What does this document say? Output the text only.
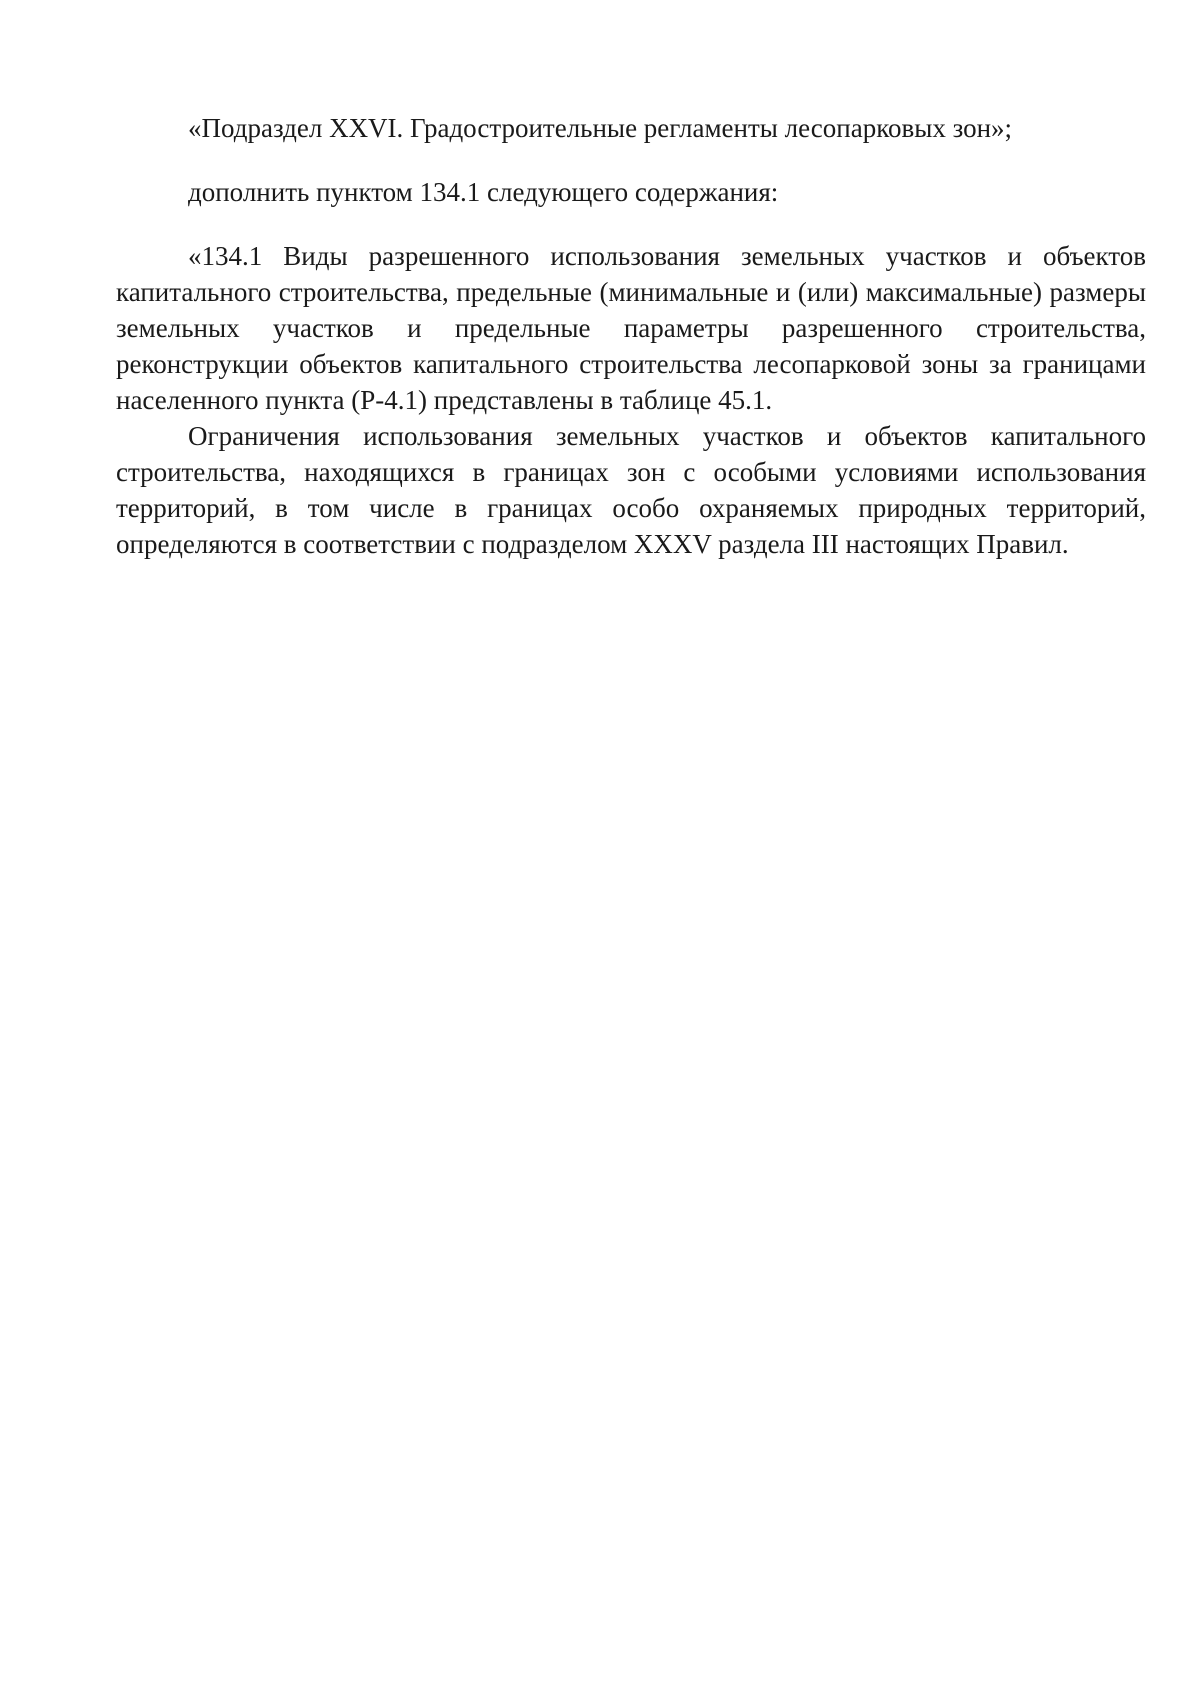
«Подраздел XXVI. Градостроительные регламенты лесопарковых зон»;

дополнить пунктом 134.1 следующего содержания:

«134.1 Виды разрешенного использования земельных участков и объектов капитального строительства, предельные (минимальные и (или) максимальные) размеры земельных участков и предельные параметры разрешенного строительства, реконструкции объектов капитального строительства лесопарковой зоны за границами населенного пункта (Р-4.1) представлены в таблице 45.1.

Ограничения использования земельных участков и объектов капитального строительства, находящихся в границах зон с особыми условиями использования территорий, в том числе в границах особо охраняемых природных территорий, определяются в соответствии с подразделом XXXV раздела III настоящих Правил.
